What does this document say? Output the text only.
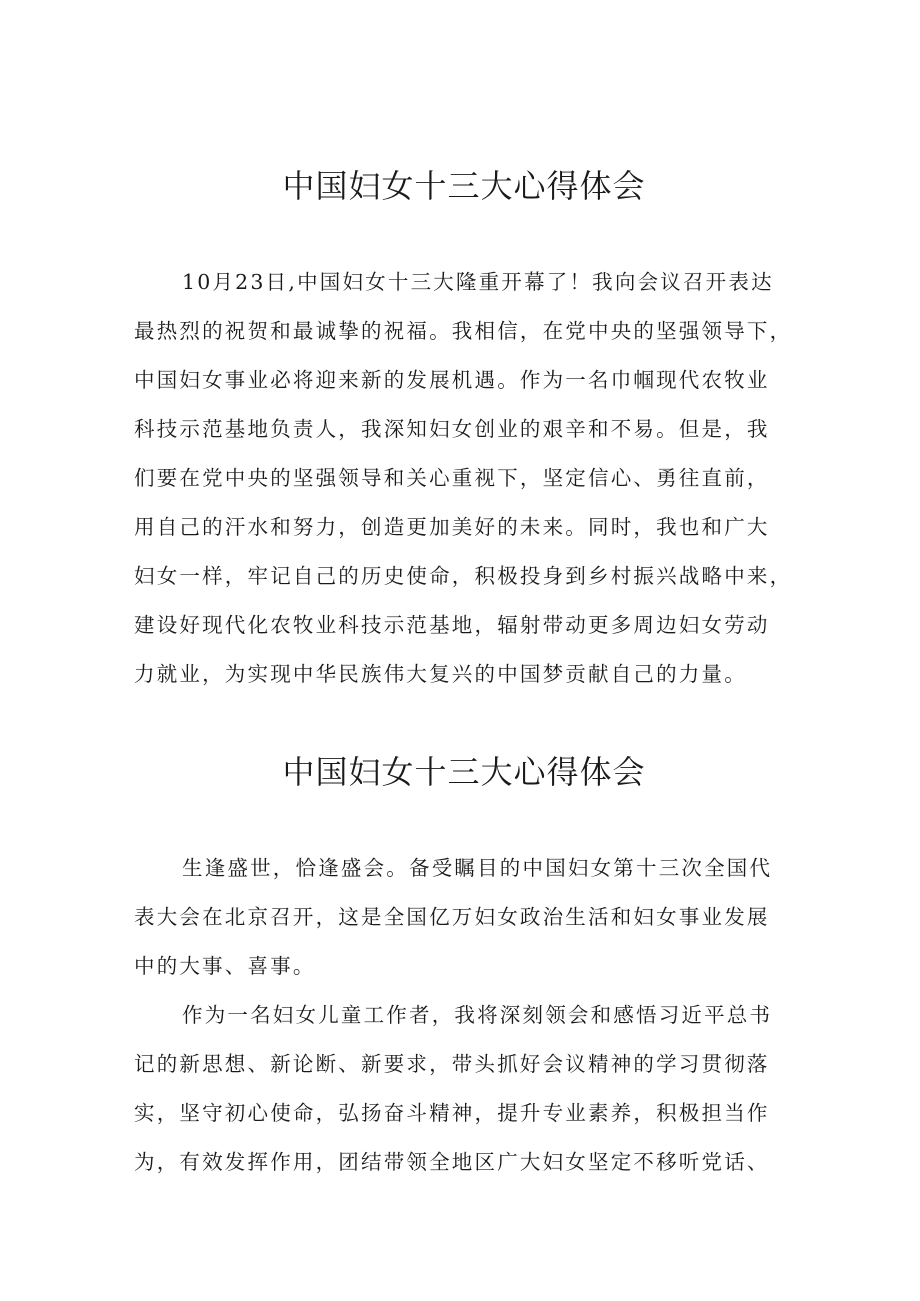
中国妇女十三大心得体会
10月23日,中国妇女十三大隆重开幕了！我向会议召开表达
最热烈的祝贺和最诚挚的祝福。我相信，在党中央的坚强领导下，
中国妇女事业必将迎来新的发展机遇。作为一名巾帼现代农牧业
科技示范基地负责人，我深知妇女创业的艰辛和不易。但是，我
们要在党中央的坚强领导和关心重视下，坚定信心、勇往直前，
用自己的汗水和努力，创造更加美好的未来。同时，我也和广大
妇女一样，牢记自己的历史使命，积极投身到乡村振兴战略中来，
建设好现代化农牧业科技示范基地，辐射带动更多周边妇女劳动
力就业，为实现中华民族伟大复兴的中国梦贡献自己的力量。
中国妇女十三大心得体会
生逢盛世，恰逢盛会。备受瞩目的中国妇女第十三次全国代
表大会在北京召开，这是全国亿万妇女政治生活和妇女事业发展
中的大事、喜事。
作为一名妇女儿童工作者，我将深刻领会和感悟习近平总书
记的新思想、新论断、新要求，带头抓好会议精神的学习贯彻落
实，坚守初心使命，弘扬奋斗精神，提升专业素养，积极担当作
为，有效发挥作用，团结带领全地区广大妇女坚定不移听党话、
